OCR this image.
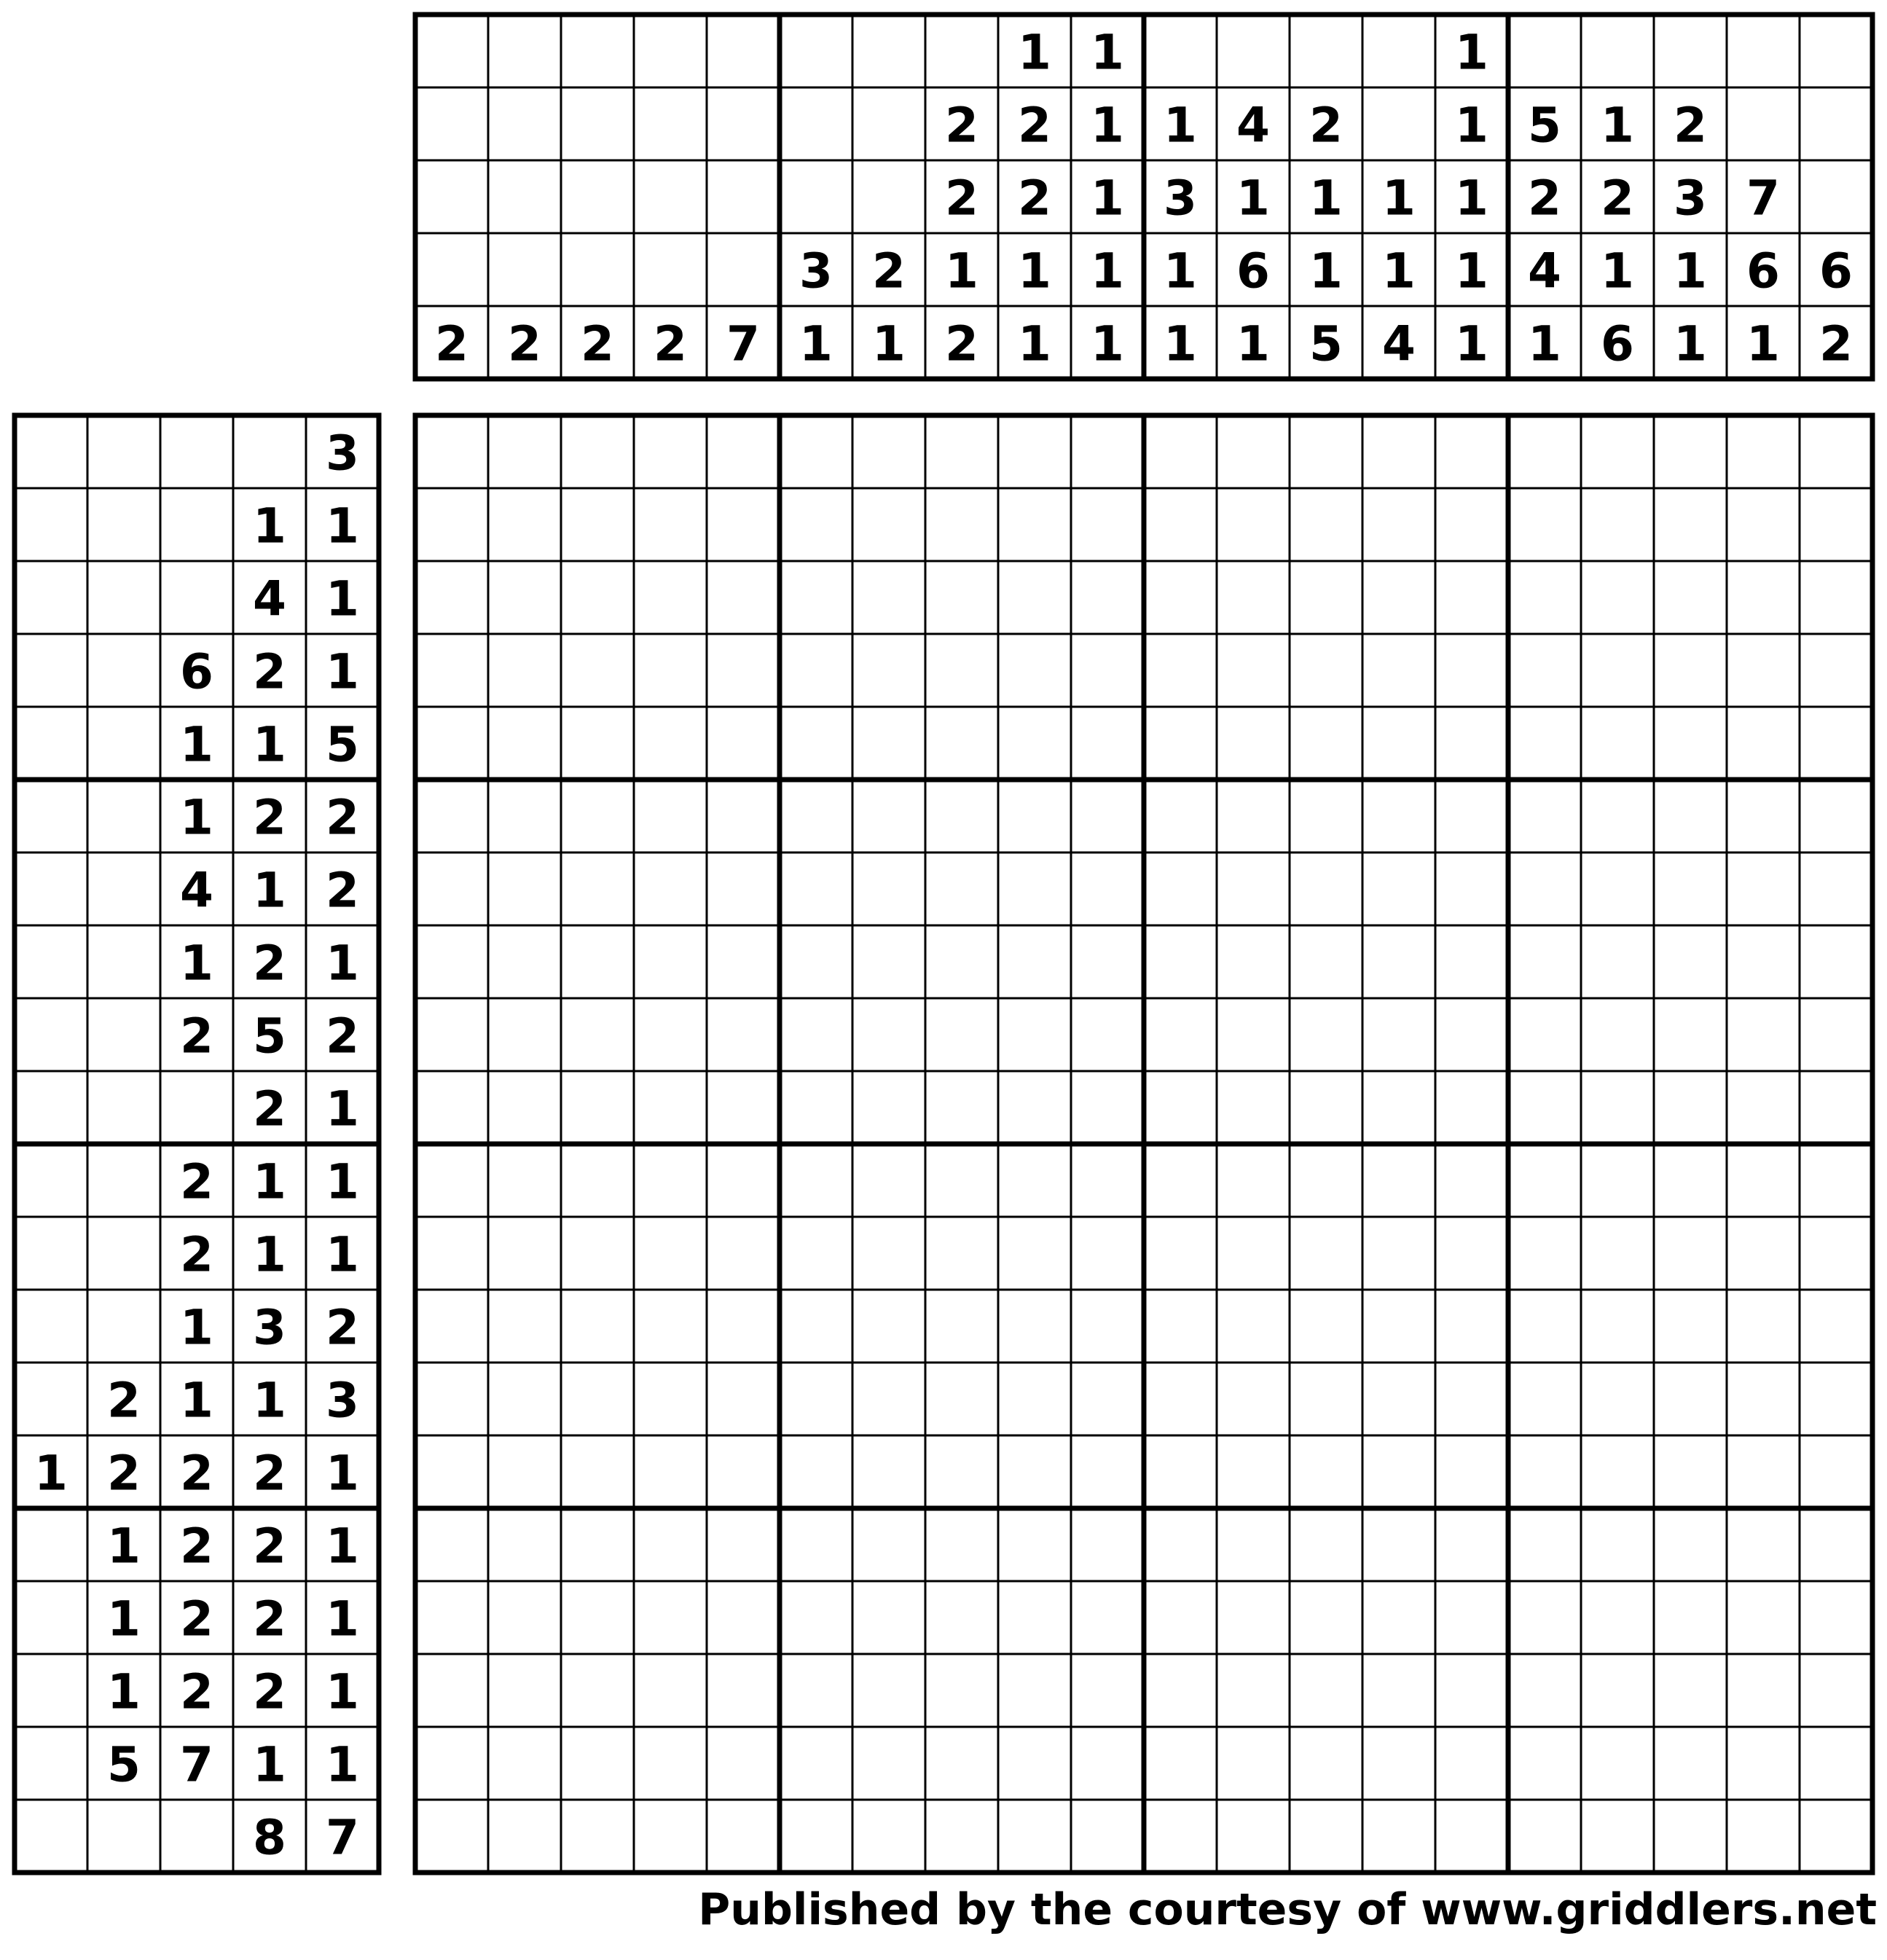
2 2 2 2 7
3
1
2
1
2
2
1
2
1
2
2
1
1
1
1
1
1
1
1
3
1
1
4
1
6
1
2
1
1
5
1
1
4
1
1
1
1
1
5
2
4
1
1
2
1
6
2
3
1
1
7
6
1
6
2
3
1 1
4 1
6 2 1
1 1 5
1 2 2
4 1 2
1 2 1
2 5 2
2 1
2 1 1
2 1 1
1 3 2
2 1 1 3
1 2 2 2 1
1 2 2 1
1 2 2 1
1 2 2 1
5 7 1 1
8 7
Published by the courtesy of www.griddlers.net
